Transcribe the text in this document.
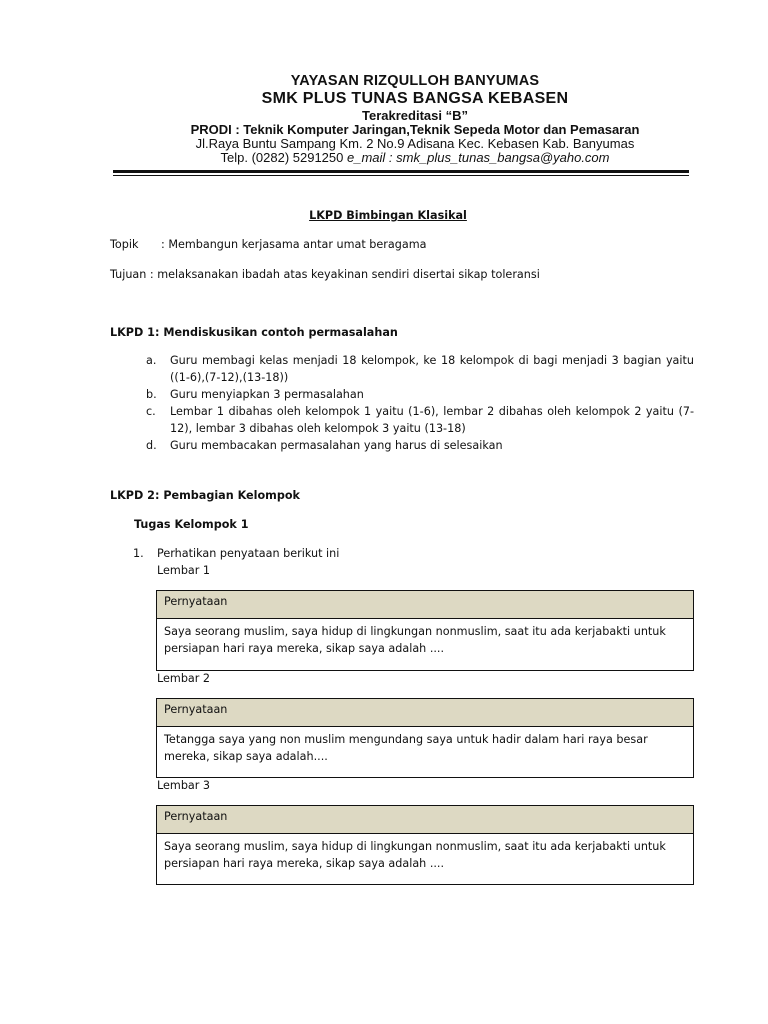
YAYASAN RIZQULLOH BANYUMAS
SMK PLUS TUNAS BANGSA KEBASEN
Terakreditasi “B”
PRODI : Teknik Komputer Jaringan,Teknik Sepeda Motor dan Pemasaran
Jl.Raya Buntu Sampang Km. 2 No.9 Adisana Kec. Kebasen Kab. Banyumas
Telp. (0282) 5291250 e_mail : smk_plus_tunas_bangsa@yaho.com
LKPD Bimbingan Klasikal
Topik : Membangun kerjasama antar umat beragama
Tujuan : melaksanakan ibadah atas keyakinan sendiri disertai sikap toleransi
LKPD 1: Mendiskusikan contoh permasalahan
a.	Guru membagi kelas menjadi 18 kelompok, ke 18 kelompok di bagi menjadi 3 bagian yaitu ((1-6),(7-12),(13-18))
b.	Guru menyiapkan 3 permasalahan
c.	Lembar 1 dibahas oleh kelompok 1 yaitu (1-6), lembar 2 dibahas oleh kelompok 2 yaitu (7-12), lembar 3 dibahas oleh kelompok 3 yaitu (13-18)
d.	Guru membacakan permasalahan yang harus di selesaikan
LKPD 2: Pembagian Kelompok
Tugas Kelompok 1
1. Perhatikan penyataan berikut ini
Lembar 1
Pernyataan
Saya seorang muslim, saya hidup di lingkungan nonmuslim, saat itu ada kerjabakti untuk persiapan hari raya mereka, sikap saya adalah ....
Lembar 2
Pernyataan
Tetangga saya yang non muslim mengundang saya untuk hadir dalam hari raya besar mereka, sikap saya adalah....
Lembar 3
Pernyataan
Saya seorang muslim, saya hidup di lingkungan nonmuslim, saat itu ada kerjabakti untuk persiapan hari raya mereka, sikap saya adalah ....
